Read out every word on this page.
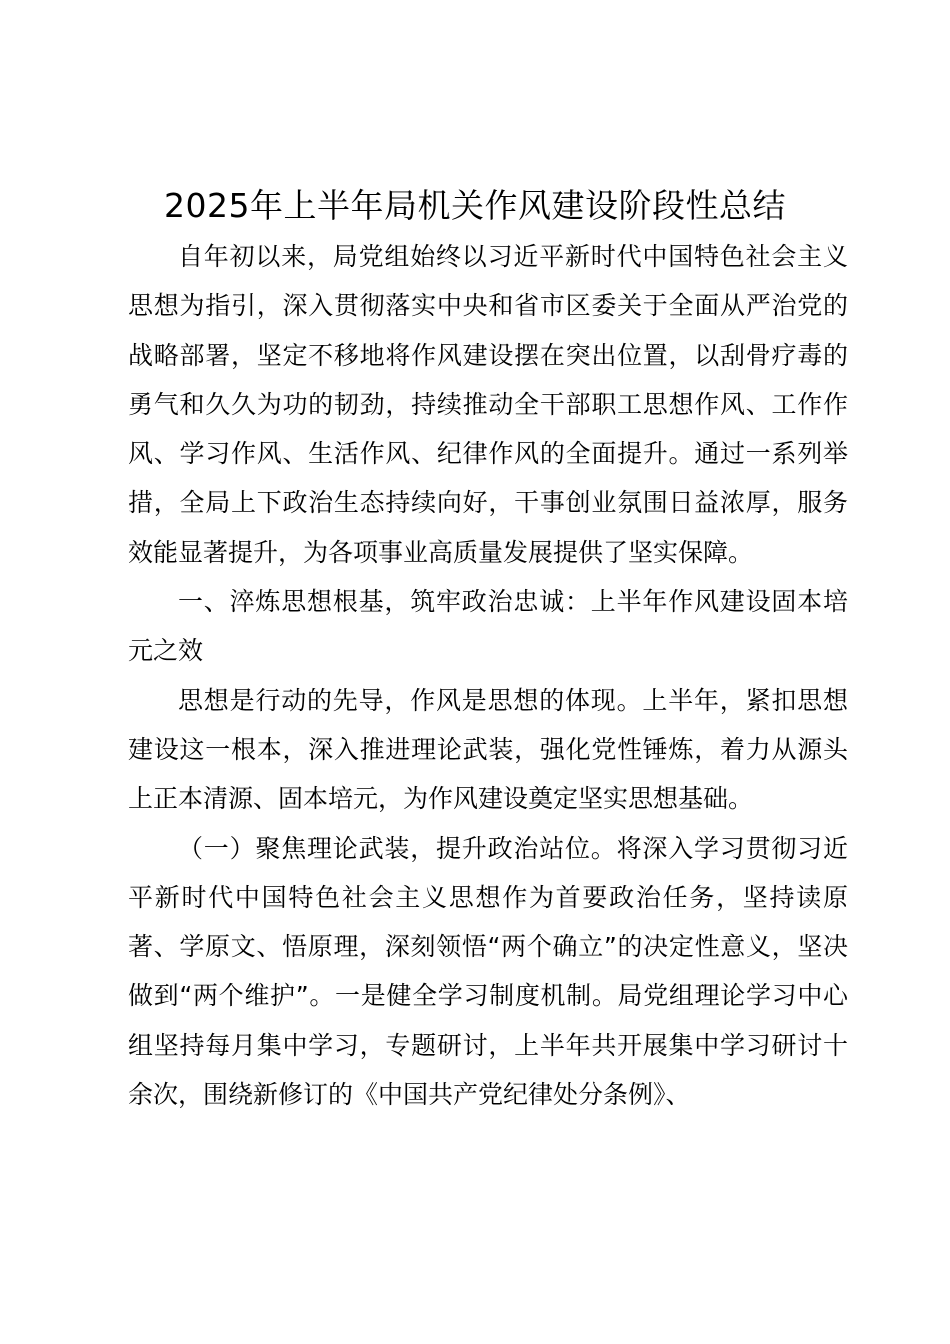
2025年上半年局机关作风建设阶段性总结

自年初以来，局党组始终以习近平新时代中国特色社会主义思想为指引，深入贯彻落实中央和省市区委关于全面从严治党的战略部署，坚定不移地将作风建设摆在突出位置，以刮骨疗毒的勇气和久久为功的韧劲，持续推动全干部职工思想作风、工作作风、学习作风、生活作风、纪律作风的全面提升。通过一系列举措，全局上下政治生态持续向好，干事创业氛围日益浓厚，服务效能显著提升，为各项事业高质量发展提供了坚实保障。

一、淬炼思想根基，筑牢政治忠诚：上半年作风建设固本培元之效

思想是行动的先导，作风是思想的体现。上半年，紧扣思想建设这一根本，深入推进理论武装，强化党性锤炼，着力从源头上正本清源、固本培元，为作风建设奠定坚实思想基础。

（一）聚焦理论武装，提升政治站位。将深入学习贯彻习近平新时代中国特色社会主义思想作为首要政治任务，坚持读原著、学原文、悟原理，深刻领悟“两个确立”的决定性意义，坚决做到“两个维护”。一是健全学习制度机制。局党组理论学习中心组坚持每月集中学习，专题研讨，上半年共开展集中学习研讨十余次，围绕新修订的《中国共产党纪律处分条例》、
